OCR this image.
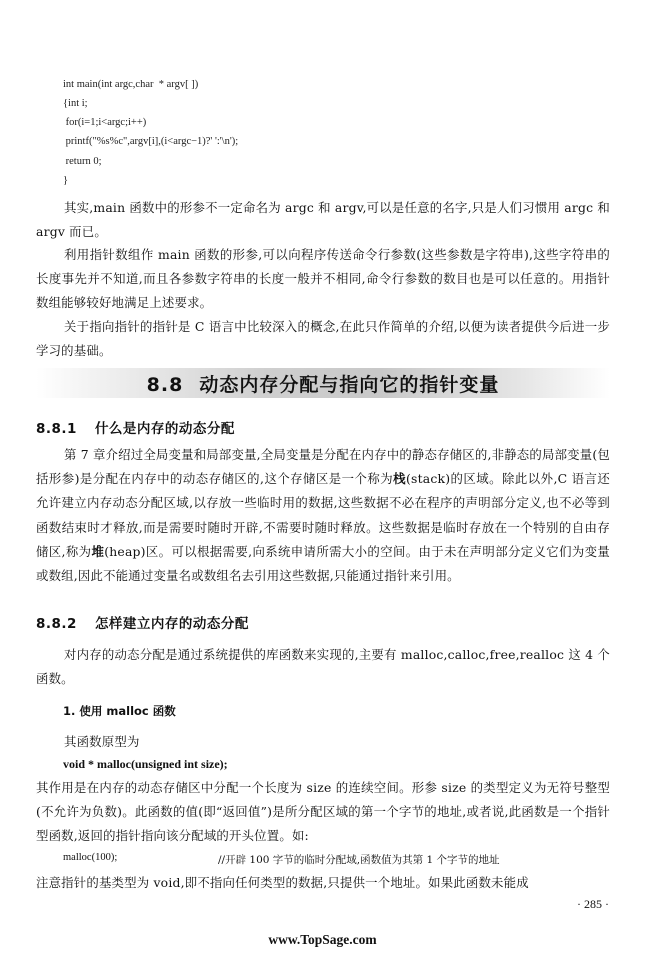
int main(int argc,char  * argv[ ])
{int i;
for(i=1;i<argc;i++)
printf("%s%c",argv[i],(i<argc−1)?' ':'\n');
return 0;
}

其实,main 函数中的形参不一定命名为 argc 和 argv,可以是任意的名字,只是人们习惯用 argc 和 argv 而已。

利用指针数组作 main 函数的形参,可以向程序传送命令行参数(这些参数是字符串),这些字符串的长度事先并不知道,而且各参数字符串的长度一般并不相同,命令行参数的数目也是可以任意的。用指针数组能够较好地满足上述要求。

关于指向指针的指针是 C 语言中比较深入的概念,在此只作简单的介绍,以便为读者提供今后进一步学习的基础。

8.8 动态内存分配与指向它的指针变量
8.8.1 什么是内存的动态分配

第 7 章介绍过全局变量和局部变量,全局变量是分配在内存中的静态存储区的,非静态的局部变量(包括形参)是分配在内存中的动态存储区的,这个存储区是一个称为栈(stack)的区域。除此以外,C 语言还允许建立内存动态分配区域,以存放一些临时用的数据,这些数据不必在程序的声明部分定义,也不必等到函数结束时才释放,而是需要时随时开辟,不需要时随时释放。这些数据是临时存放在一个特别的自由存储区,称为堆(heap)区。可以根据需要,向系统申请所需大小的空间。由于未在声明部分定义它们为变量或数组,因此不能通过变量名或数组名去引用这些数据,只能通过指针来引用。

8.8.2 怎样建立内存的动态分配

对内存的动态分配是通过系统提供的库函数来实现的,主要有 malloc,calloc,free,realloc 这 4 个函数。

1. 使用 malloc 函数
其函数原型为
void * malloc(unsigned int size);

其作用是在内存的动态存储区中分配一个长度为 size 的连续空间。形参 size 的类型定义为无符号整型(不允许为负数)。此函数的值(即“返回值”)是所分配区域的第一个字节的地址,或者说,此函数是一个指针型函数,返回的指针指向该分配域的开头位置。如:

malloc(100);	//开辟 100 字节的临时分配域,函数值为其第 1 个字节的地址

注意指针的基类型为 void,即不指向任何类型的数据,只提供一个地址。如果此函数未能成

· 285 ·
www.TopSage.com
